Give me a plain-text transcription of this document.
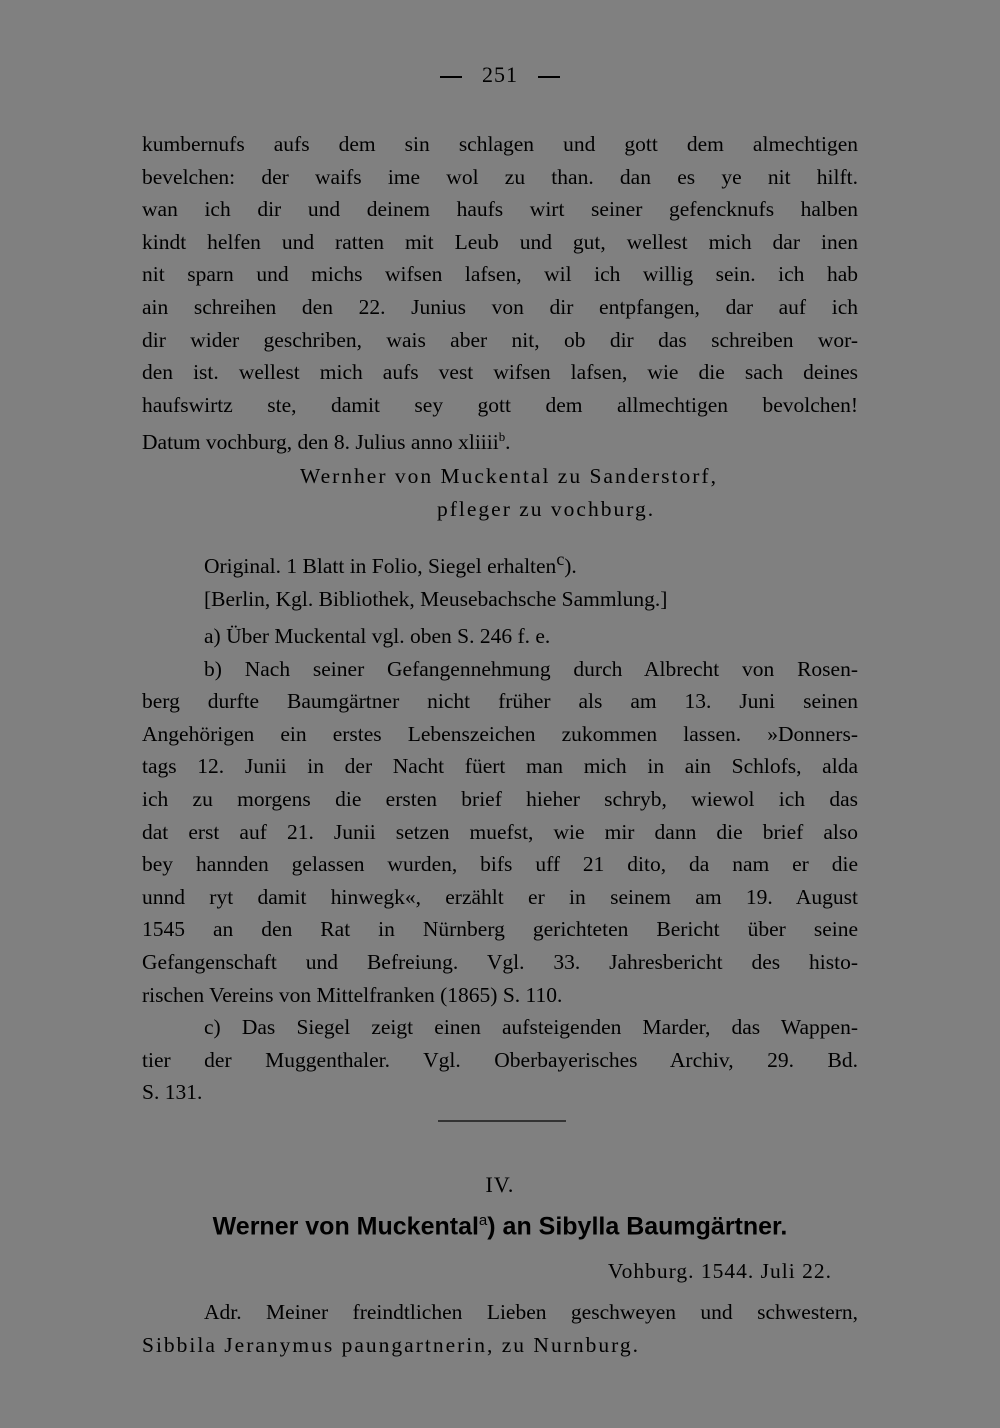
251
kumbernufs aufs dem sin schlagen und gott dem almechtigen
bevelchen: der waifs ime wol zu than. dan es ye nit hilft.
wan ich dir und deinem haufs wirt seiner gefencknufs halben
kindt helfen und ratten mit Leub und gut, wellest mich dar inen
nit sparn und michs wifsen lafsen, wil ich willig sein. ich hab
ain schreihen den 22. Junius von dir entpfangen, dar auf ich
dir wider geschriben, wais aber nit, ob dir das schreiben wor-
den ist. wellest mich aufs vest wifsen lafsen, wie die sach deines
haufswirtz ste, damit sey gott dem allmechtigen bevolchen!
Datum vochburg, den 8. Julius anno xliiii$^b$.
Wernher von Muckental zu Sanderstorf,
pfleger zu vochburg.
Original. 1 Blatt in Folio, Siegel erhalten$^c$).
[Berlin, Kgl. Bibliothek, Meusebachsche Sammlung.]
a) Über Muckental vgl. oben S. 246 f. e.
b) Nach seiner Gefangennehmung durch Albrecht von Rosen-
berg durfte Baumgärtner nicht früher als am 13. Juni seinen
Angehörigen ein erstes Lebenszeichen zukommen lassen. »Donners-
tags 12. Junii in der Nacht füert man mich in ain Schlofs, alda
ich zu morgens die ersten brief hieher schryb, wiewol ich das
dat erst auf 21. Junii setzen muefst, wie mir dann die brief also
bey hannden gelassen wurden, bifs uff 21 dito, da nam er die
unnd ryt damit hinwegk«, erzählt er in seinem am 19. August
1545 an den Rat in Nürnberg gerichteten Bericht über seine
Gefangenschaft und Befreiung. Vgl. 33. Jahresbericht des histo-
rischen Vereins von Mittelfranken (1865) S. 110.
c) Das Siegel zeigt einen aufsteigenden Marder, das Wappen-
tier der Muggenthaler. Vgl. Oberbayerisches Archiv, 29. Bd.
S. 131.
IV.
Werner von Muckental$^a$) an Sibylla Baumgärtner.
Vohburg. 1544. Juli 22.
Adr. Meiner freindtlichen Lieben geschweyen und schwestern,
Sibbila Jeranymus paungartnerin, zu Nurnburg.
